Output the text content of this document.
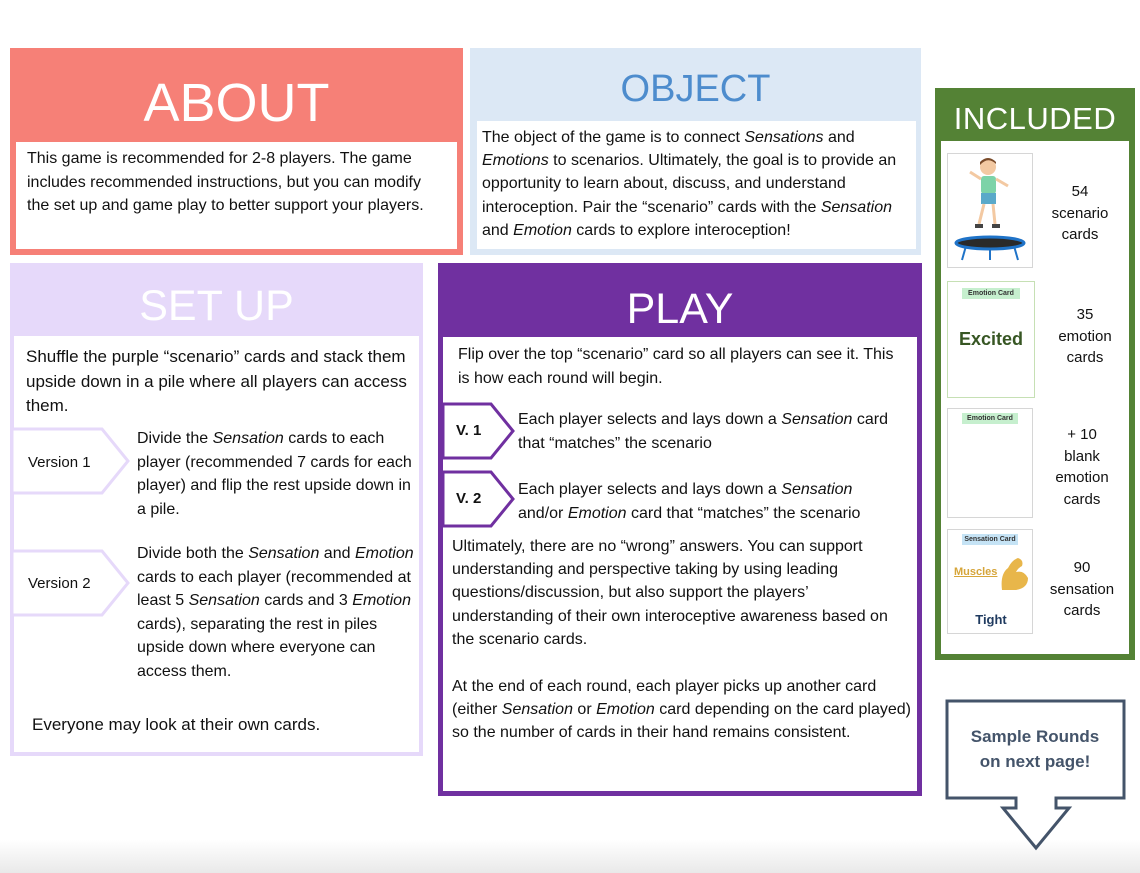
ABOUT
This game is recommended for 2-8 players. The game includes recommended instructions, but you can modify the set up and game play to better support your players.
OBJECT
The object of the game is to connect Sensations and Emotions to scenarios. Ultimately, the goal is to provide an opportunity to learn about, discuss, and understand interoception. Pair the “scenario” cards with the Sensation and Emotion cards to explore interoception!
SET UP
Shuffle the purple “scenario” cards and stack them upside down in a pile where all players can access them.
Version 1
Divide the Sensation cards to each player (recommended 7 cards for each player) and flip the rest upside down in a pile.
Version 2
Divide both the Sensation and Emotion cards to each player (recommended at least 5 Sensation cards and 3 Emotion cards), separating the rest in piles upside down where everyone can access them.
Everyone may look at their own cards.
PLAY
Flip over the top “scenario” card so all players can see it. This is how each round will begin.
V. 1
Each player selects and lays down a Sensation card that “matches” the scenario
V. 2
Each player selects and lays down a Sensation
and/or Emotion card that “matches” the scenario
Ultimately, there are no “wrong” answers. You can support understanding and perspective taking by using leading questions/discussion, but also support the players’ understanding of their own interoceptive awareness based on the scenario cards.
At the end of each round, each player picks up another card (either Sensation or Emotion card depending on the card played) so the number of cards in their hand remains consistent.
INCLUDED
54
scenario
cards
Emotion Card
Excited
35
emotion
cards
Emotion Card
+ 10
blank
emotion
cards
Sensation Card
Muscles
Tight
90
sensation
cards
Sample Rounds
on next page!
